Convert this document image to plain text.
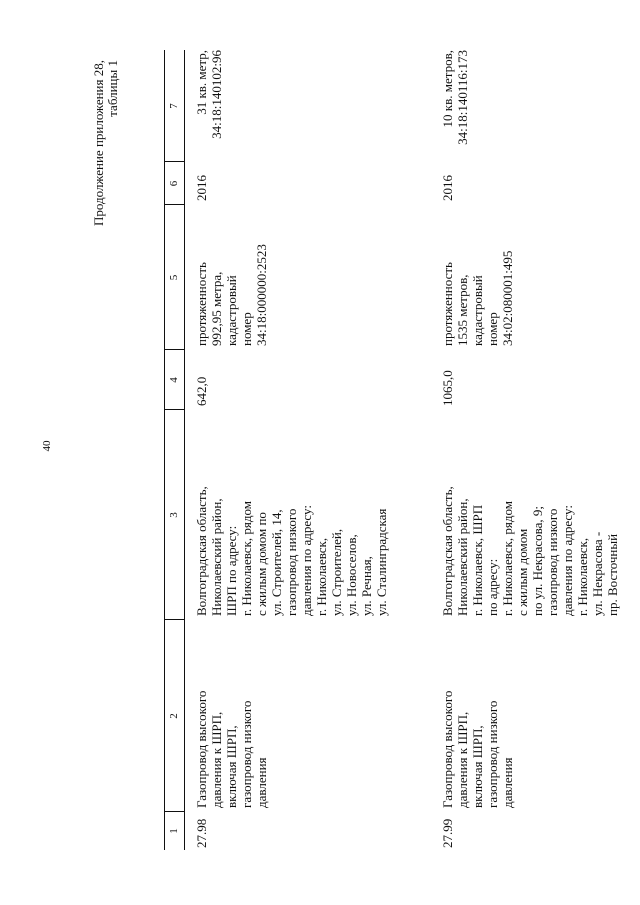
40
Продолжение приложения 28, таблицы 1
1
2
3
4
5
6
7
27.98
Газопровод высокого
давления к ШРП,
включая ШРП,
газопровод низкого
давления
Волгоградская область,
Николаевский район,
ШРП по адресу:
г. Николаевск, рядом
с жилым домом по
ул. Строителей, 14,
газопровод низкого
давления по адресу:
г. Николаевск,
ул. Строителей,
ул. Новоселов,
ул. Речная,
ул. Сталинградская
642,0
протяженность
992,95 метра,
кадастровый
номер
34:18:000000:2523
2016
31 кв. метр,
34:18:140102:96
27.99
Газопровод высокого
давления к ШРП,
включая ШРП,
газопровод низкого
давления
Волгоградская область,
Николаевский район,
г. Николаевск, ШРП
по адресу:
г. Николаевск, рядом
с жилым домом
по ул. Некрасова, 9;
газопровод низкого
давления по адресу:
г. Николаевск,
ул. Некрасова -
пр. Восточный
1065,0
протяженность
1535 метров,
кадастровый
номер
34:02:080001:495
2016
10 кв. метров,
34:18:140116:173
